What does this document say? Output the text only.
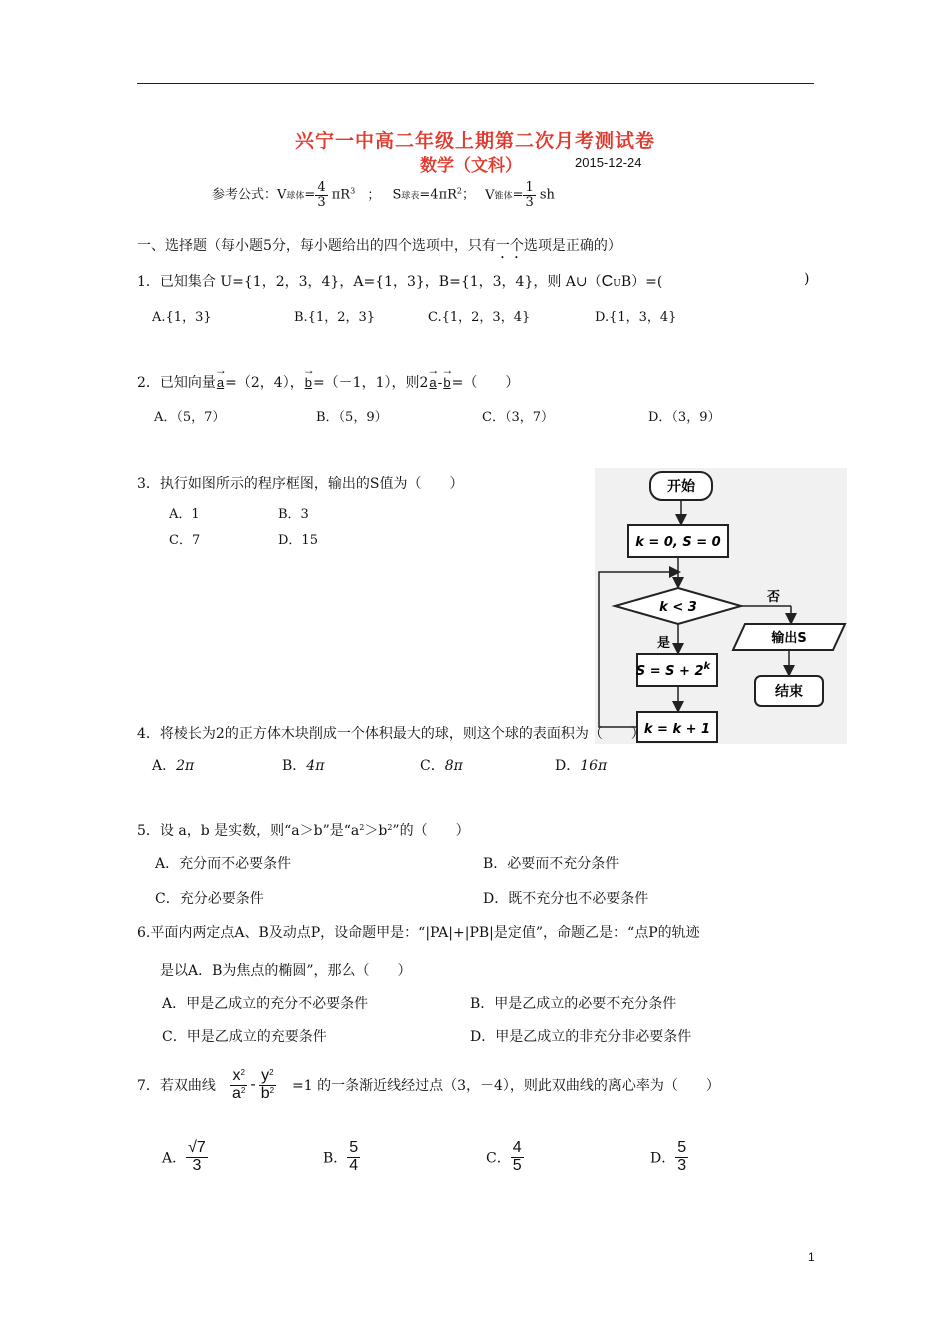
兴宁一中高二年级上期第二次月考测试卷
数学（文科）	2015-12-24
参考公式：V球体= $\frac{4}{3} \pi R^3$ ； S球表$=4\pi R^2$； V锥体= $\frac{1}{3}$ sh
一、选择题（每小题5分，每小题给出的四个选项中，只有一个选项是正确的）
1．已知集合 U={1，2，3，4}，A={1，3}，B={1，3，4}，则 A∪（CUB）=(	)
A.{1，3}	B.{1，2，3}	C.{1，2，3，4}	D.{1，3，4}
2．已知向量→ a=（2，4），→ b=（－1，1），则2→ a-→ b=（　　）
A．（5，7）	B．（5，9）	C．（3，7）	D．（3，9）
3．执行如图所示的程序框图，输出的S值为（　　）
A．1	B．3
C．7	D．15
开始
k = 0, S = 0
k < 3
否
输出S
结束
是
$S = S + 2^k$
k = k + 1
4．将棱长为2的正方体木块削成一个体积最大的球，则这个球的表面积为（　　）
A．2π	B．4π	C．8π	D．16π
5．设 a，b 是实数，则“a＞b”是“$a^2>b^2$”的（　　）
A．充分而不必要条件	B．必要而不充分条件
C．充分必要条件	D．既不充分也不必要条件
6.平面内两定点A、B及动点P，设命题甲是：“|PA|+|PB|是定值”，命题乙是：“点P的轨迹
是以A．B为焦点的椭圆”，那么（　　）
A．甲是乙成立的充分不必要条件	B．甲是乙成立的必要不充分条件
C．甲是乙成立的充要条件	D．甲是乙成立的非充分非必要条件
7．若双曲线 $\frac{x^2}{a^2} - \frac{y^2}{b^2} =1$ 的一条渐近线经过点（3，－4），则此双曲线的离心率为（　　）
A． $\frac{√7}{3}$	B． $\frac{5}{4}$	C． $\frac{4}{5}$	D． $\frac{5}{3}$
1
